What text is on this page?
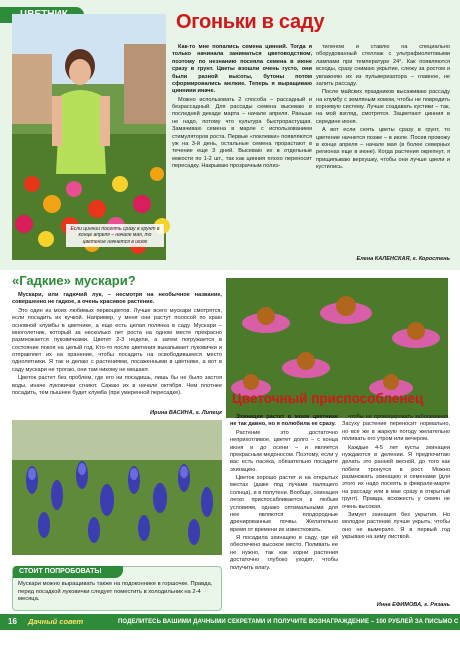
Если циннии посеять сразу в грунт в конце апреля – начале мая, то цветение начнется в июле
Огоньки в саду

Как-то мне попались семена цинний. Тогда я только начинала заниматься цветоводством, поэтому по незнанию посеяла семена в июне сразу в грунт. Цветы взошли очень густо, они были разной высоты, бутоны потом сформировались мелкие. Теперь я выращиваю цинниии иначе.

Можно использовать 2 способа – рассадный и безрассадный. Для рассады семена высеваю в последней декаде марта – начале апреля. Раньше не надо, потому что культура быстрорастущая. Замачиваю семена в марле с использованием стимуляторов роста. Первые «поклевки» появляются уж на 3-й день, остальные семена прорастают в течение еще 3 дней. Высеваю их в отдельные емкости по 1-2 шт., так как цинния плохо переносит пересадку. Накрываю прозрачным полиэ-

тиленом и ставлю на специально оборудованный стеллаж с ультрафиолетовыми лампами при температуре 24°. Как появляются всходы, сразу снимаю укрытие, слежу за ростом и увлажняю их из пульверизатора – главное, не залить рассаду.

После майских праздников высаживаю рассаду на клумбу с земляным комом, чтобы не повредить корневую систему. Лучше создавать кустики – так, на мой взгляд, смотрятся. Зацветают цинния в середине июня.

А вот если сеять цветы сразу в грунт, то цветение начнется позже – в июле. Посев провожу в конце апреля – начале мая (в более северных регионах еще в июне). Когда растения окрепнут, я прищипываю верхушку, чтобы они лучше цвели и кустились.

Елена КАЛЕНСКАЯ, г. Коростень
«Гадкие» мускари?

Мускари, или гадючий лук, – несмотря на необычное название, совершенно не гадкое, а очень красивое растение.

Это один из моих любимых первоцветов. Лучше всего мускари смотрятся, если посадить их кучкой. Например, у меня они растут полосой по краю основной клумбы в цветнике, а еще есть целая полянка в саду. Мускари – многолетник, который за несколько лет роста на одном месте прекрасно размножается луковичками. Цветет 2-3 недели, а затем погружается в состояние покоя на целый год. Кто-то после цветения выкапывает луковички и отправляет их на хранение, чтобы посадить на освободившееся место однолетники. Я так и делаю с растениями, посаженными в цветнике, а вот в саду мускари не трогаю, они там никому не мешают.

Цветок растет без проблем, где его ни посадишь, лишь бы не было застоя воды, иначе луковички сгниют. Сажаю их в начале октября. Чем плотнее посадить, тем пышнее будет клумба (при умеренной пересадке).

Ирина ВАСИНА, г. Липецк
Цветочный приспособленец

Эхинацея растет в моем цветнике не так давно, но я полюбила ее сразу.

Растение это достаточно неприхотливое, цветет долго – с конца июня и до осени – и является прекрасным медоносом. Поэтому, если у вас есть пасека, обязательно посадите эхинацею.

Цветок хорошо растет и на открытых местах (даже под лучами палящего солнца), и в полутени. Вообще, эхинацея легко приспосабливается к любым условиям, однако оптимальными для нее являются плодородные дренированные почвы. Желательно время от времени их известковать.

Я посадила эхинацею в саду, где ей обеспечено высокое место. Поливать ее не нужно, так как корни растения достаточно глубоко уходят, чтобы получить влагу.

чтобы не провоцировать заболевания. Засуху растение переносит нормально, но все же в жаркую погоду желательно поливать его утром или вечером.

Каждые 4-5 лет кусты эхинацеи нуждаются в делении. Я предпочитаю делать это ранней весной, до того как побеги тронутся в рост. Можно размножать эхинацею и семенами (для этого их надо посеять в феврале-марте на рассаду или в мае сразу в открытый грунт). Правда, всхожесть у семян не очень высокая.

Зимует эхинацея без укрытия. Но молодое растение лучше укрыть, чтобы оно не вымерзло. Я в первый год укрываю на зиму листвой.

Инна ЕФИМОВА, г. Рязань
СТОИТ ПОПРОБОВАТЬ!
Мускари можно выращивать также на подоконнике в горшочке. Правда, перед посадкой луковички следует поместить в холодильник на 2-4 месяца.
16 Дачный совет	ПОДЕЛИТЕСЬ ВАШИМИ ДАЧНЫМИ СЕКРЕТАМИ И ПОЛУЧИТЕ ВОЗНАГРАЖДЕНИЕ – 100 РУБЛЕЙ ЗА ПИСЬМО С ФОТО!
